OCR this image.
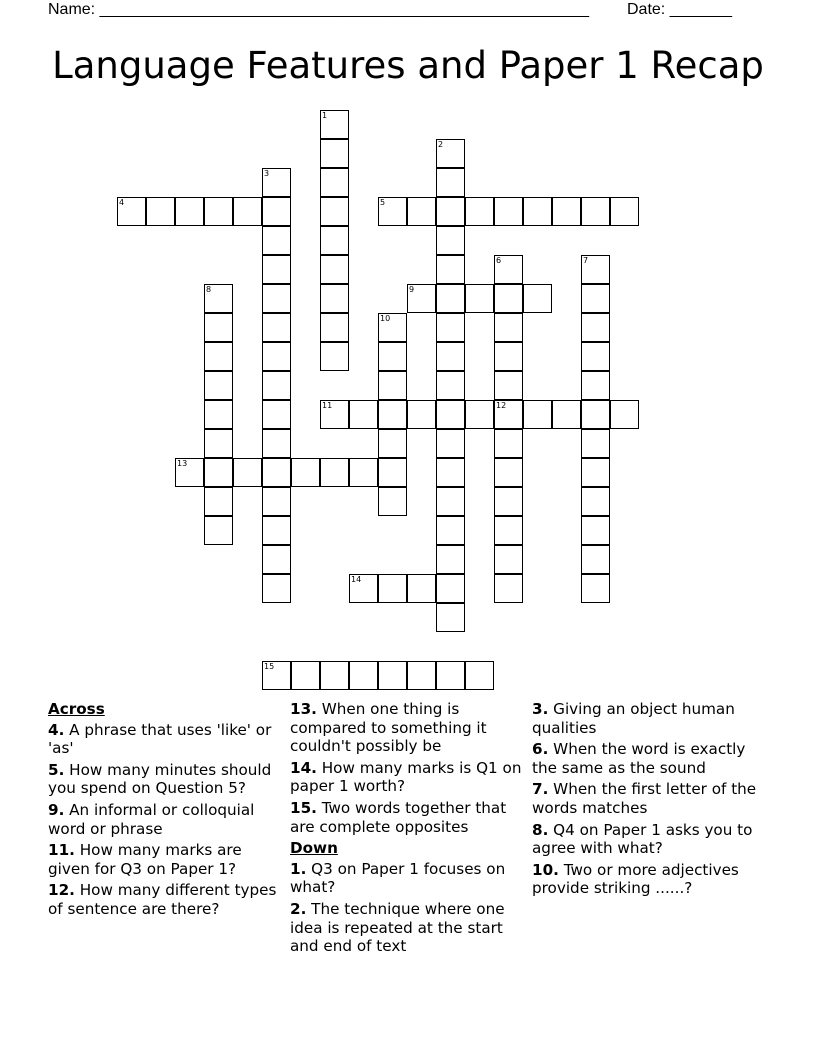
Name: _______________________________________________________ Date: _______
Language Features and Paper 1 Recap
1
2
3
4	5
6
12
7
8	9
10
11
13
14
15
Across
4. A phrase that uses 'like' or 'as'
5. How many minutes should you spend on Question 5?
9. An informal or colloquial word or phrase
11. How many marks are given for Q3 on Paper 1?
12. How many different types of sentence are there?
13. When one thing is compared to something it couldn't possibly be
14. How many marks is Q1 on paper 1 worth?
15. Two words together that are complete opposites
Down
1. Q3 on Paper 1 focuses on what?
2. The technique where one idea is repeated at the start and end of text
3. Giving an object human qualities
6. When the word is exactly the same as the sound
7. When the first letter of the words matches
8. Q4 on Paper 1 asks you to agree with what?
10. Two or more adjectives provide striking ......?
